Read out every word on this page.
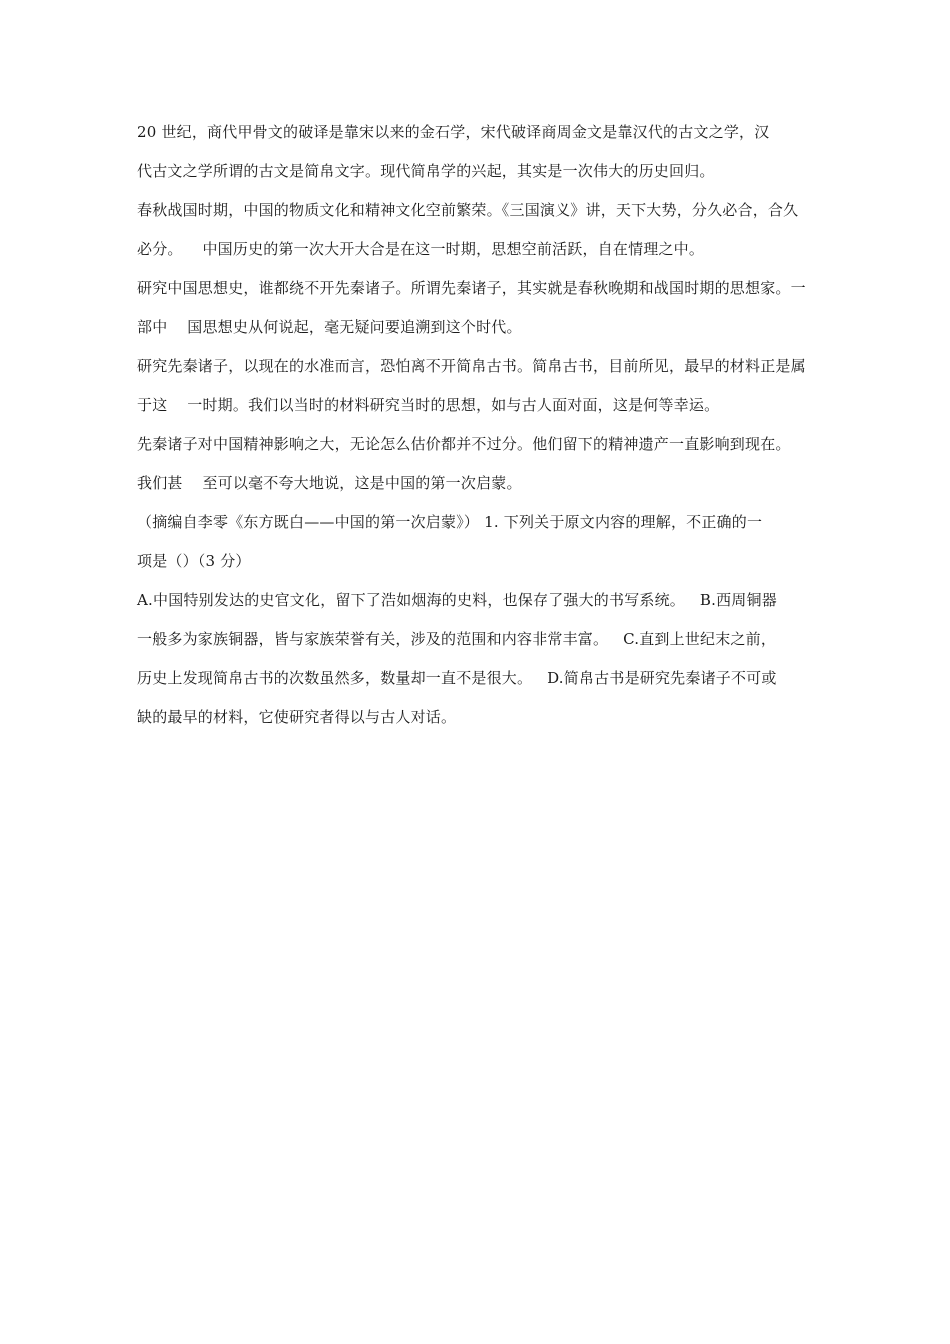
20 世纪，商代甲骨文的破译是靠宋以来的金石学，宋代破译商周金文是靠汉代的古文之学，汉
代古文之学所谓的古文是简帛文字。现代简帛学的兴起，其实是一次伟大的历史回归。
春秋战国时期，中国的物质文化和精神文化空前繁荣。《三国演义》讲，天下大势，分久必合，合久
必分。    中国历史的第一次大开大合是在这一时期，思想空前活跃，自在情理之中。
研究中国思想史，谁都绕不开先秦诸子。所谓先秦诸子，其实就是春秋晚期和战国时期的思想家。一
部中    国思想史从何说起，毫无疑问要追溯到这个时代。
研究先秦诸子，以现在的水准而言，恐怕离不开简帛古书。简帛古书，目前所见，最早的材料正是属
于这    一时期。我们以当时的材料研究当时的思想，如与古人面对面，这是何等幸运。
先秦诸子对中国精神影响之大，无论怎么估价都并不过分。他们留下的精神遗产一直影响到现在。
我们甚    至可以毫不夸大地说，这是中国的第一次启蒙。
（摘编自李零《东方既白——中国的第一次启蒙》） 1. 下列关于原文内容的理解，不正确的一
项是（）（3 分）
A.中国特别发达的史官文化，留下了浩如烟海的史料，也保存了强大的书写系统。   B.西周铜器
一般多为家族铜器，皆与家族荣誉有关，涉及的范围和内容非常丰富。   C.直到上世纪末之前，
历史上发现简帛古书的次数虽然多，数量却一直不是很大。   D.简帛古书是研究先秦诸子不可或
缺的最早的材料，它使研究者得以与古人对话。
